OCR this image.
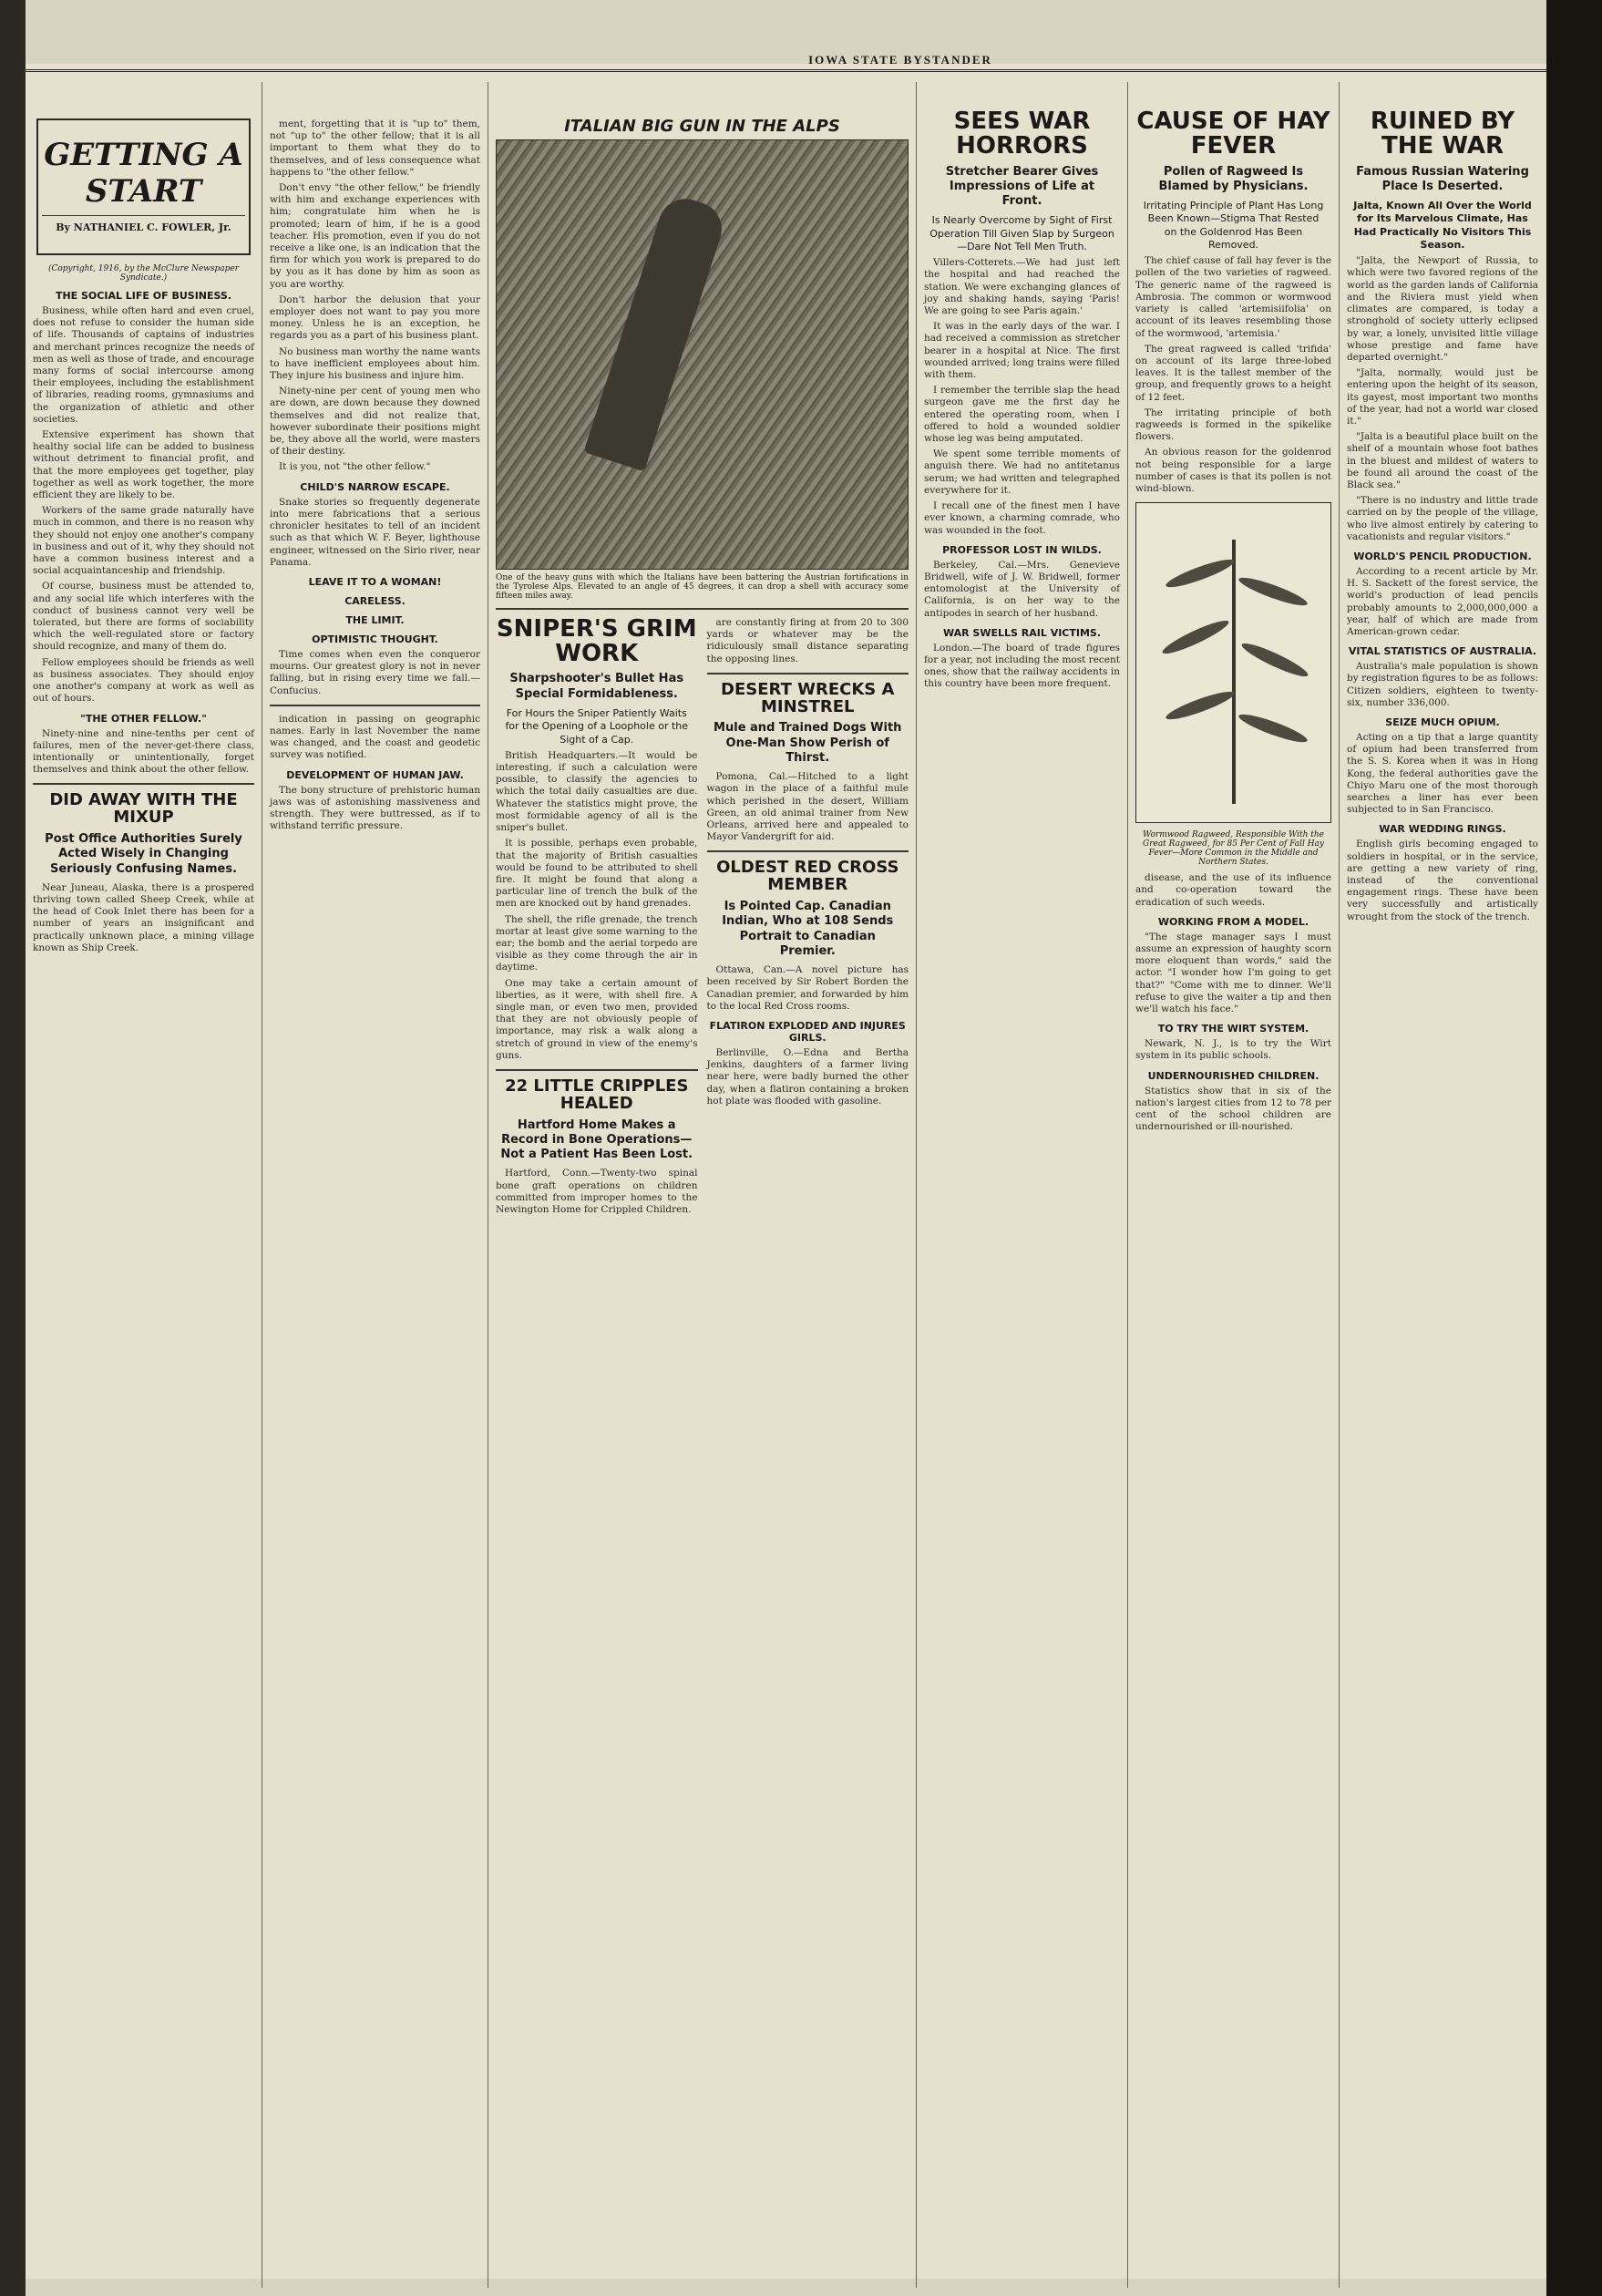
IOWA STATE BYSTANDER
GETTING A START
By NATHANIEL C. FOWLER, Jr.
(Copyright, 1916, by the McClure Newspaper Syndicate.)
THE SOCIAL LIFE OF BUSINESS.

Business, while often hard and even cruel, does not refuse to consider the human side of life. Thousands of captains of industries and merchant princes recognize the needs of men as well as those of trade, and encourage many forms of social intercourse among their employees, including the establishment of libraries, reading rooms, gymnasiums and the organization of athletic and other societies.

Extensive experiment has shown that healthy social life can be added to business without detriment to financial profit, and that the more employees get together, play together as well as work together, the more efficient they are likely to be.

Workers of the same grade naturally have much in common, and there is no reason why they should not enjoy one another's company in business and out of it, why they should not have a common business interest and a social acquaintanceship and friendship.

Of course, business must be attended to, and any social life which interferes with the conduct of business cannot very well be tolerated, but there are forms of sociability which the well-regulated store or factory should recognize, and many of them do.

Fellow employees should be friends as well as business associates. They should enjoy one another's company at work as well as out of hours.

"THE OTHER FELLOW."

Ninety-nine and nine-tenths per cent of failures, men of the never-get-there class, intentionally or unintentionally, forget themselves and think about the other fellow.

DID AWAY WITH THE MIXUP
Post Office Authorities Surely Acted Wisely in Changing Seriously Confusing Names.

Near Juneau, Alaska, there is a prospered thriving town called Sheep Creek, while at the head of Cook Inlet there has been for a number of years an insignificant and practically unknown place, a mining village known as Ship Creek.

ment, forgetting that it is "up to" them, not "up to" the other fellow; that it is all important to them what they do to themselves, and of less consequence what happens to "the other fellow."

Don't envy "the other fellow," be friendly with him and exchange experiences with him; congratulate him when he is promoted; learn of him, if he is a good teacher. His promotion, even if you do not receive a like one, is an indication that the firm for which you work is prepared to do by you as it has done by him as soon as you are worthy.

Don't harbor the delusion that your employer does not want to pay you more money. Unless he is an exception, he regards you as a part of his business plant.

No business man worthy the name wants to have inefficient employees about him. They injure his business and injure him.

Ninety-nine per cent of young men who are down, are down because they downed themselves and did not realize that, however subordinate their positions might be, they above all the world, were masters of their destiny.

It is you, not "the other fellow."

CHILD'S NARROW ESCAPE.

Snake stories so frequently degenerate into mere fabrications that a serious chronicler hesitates to tell of an incident such as that which W. F. Beyer, lighthouse engineer, witnessed on the Sirio river, near Panama.

LEAVE IT TO A WOMAN!
CARELESS.
THE LIMIT.
OPTIMISTIC THOUGHT.

Time comes when even the conqueror mourns. Our greatest glory is not in never falling, but in rising every time we fall.—Confucius.

indication in passing on geographic names. Early in last November the name was changed, and the coast and geodetic survey was notified.

DEVELOPMENT OF HUMAN JAW.

The bony structure of prehistoric human jaws was of astonishing massiveness and strength. They were buttressed, as if to withstand terrific pressure.

ITALIAN BIG GUN IN THE ALPS
One of the heavy guns with which the Italians have been battering the Austrian fortifications in the Tyrolese Alps. Elevated to an angle of 45 degrees, it can drop a shell with accuracy some fifteen miles away.
SNIPER'S GRIM WORK
Sharpshooter's Bullet Has Special Formidableness.
For Hours the Sniper Patiently Waits for the Opening of a Loophole or the Sight of a Cap.

British Headquarters.—It would be interesting, if such a calculation were possible, to classify the agencies to which the total daily casualties are due. Whatever the statistics might prove, the most formidable agency of all is the sniper's bullet.

It is possible, perhaps even probable, that the majority of British casualties would be found to be attributed to shell fire. It might be found that along a particular line of trench the bulk of the men are knocked out by hand grenades.

The shell, the rifle grenade, the trench mortar at least give some warning to the ear; the bomb and the aerial torpedo are visible as they come through the air in daytime.

One may take a certain amount of liberties, as it were, with shell fire. A single man, or even two men, provided that they are not obviously people of importance, may risk a walk along a stretch of ground in view of the enemy's guns.

22 LITTLE CRIPPLES HEALED
Hartford Home Makes a Record in Bone Operations—Not a Patient Has Been Lost.

Hartford, Conn.—Twenty-two spinal bone graft operations on children committed from improper homes to the Newington Home for Crippled Children.

are constantly firing at from 20 to 300 yards or whatever may be the ridiculously small distance separating the opposing lines.

DESERT WRECKS A MINSTREL
Mule and Trained Dogs With One-Man Show Perish of Thirst.

Pomona, Cal.—Hitched to a light wagon in the place of a faithful mule which perished in the desert, William Green, an old animal trainer from New Orleans, arrived here and appealed to Mayor Vandergrift for aid.

OLDEST RED CROSS MEMBER
Is Pointed Cap. Canadian Indian, Who at 108 Sends Portrait to Canadian Premier.

Ottawa, Can.—A novel picture has been received by Sir Robert Borden the Canadian premier, and forwarded by him to the local Red Cross rooms.

FLATIRON EXPLODED AND INJURES GIRLS.

Berlinville, O.—Edna and Bertha Jenkins, daughters of a farmer living near here, were badly burned the other day, when a flatiron containing a broken hot plate was flooded with gasoline.

SEES WAR HORRORS
Stretcher Bearer Gives Impressions of Life at Front.
Is Nearly Overcome by Sight of First Operation Till Given Slap by Surgeon—Dare Not Tell Men Truth.

Villers-Cotterets.—We had just left the hospital and had reached the station. We were exchanging glances of joy and shaking hands, saying 'Paris! We are going to see Paris again.'

It was in the early days of the war. I had received a commission as stretcher bearer in a hospital at Nice. The first wounded arrived; long trains were filled with them.

I remember the terrible slap the head surgeon gave me the first day he entered the operating room, when I offered to hold a wounded soldier whose leg was being amputated.

We spent some terrible moments of anguish there. We had no antitetanus serum; we had written and telegraphed everywhere for it.

I recall one of the finest men I have ever known, a charming comrade, who was wounded in the foot.

PROFESSOR LOST IN WILDS.

Berkeley, Cal.—Mrs. Genevieve Bridwell, wife of J. W. Bridwell, former entomologist at the University of California, is on her way to the antipodes in search of her husband.

WAR SWELLS RAIL VICTIMS.

London.—The board of trade figures for a year, not including the most recent ones, show that the railway accidents in this country have been more frequent.

CAUSE OF HAY FEVER
Pollen of Ragweed Is Blamed by Physicians.
Irritating Principle of Plant Has Long Been Known—Stigma That Rested on the Goldenrod Has Been Removed.

The chief cause of fall hay fever is the pollen of the two varieties of ragweed. The generic name of the ragweed is Ambrosia. The common or wormwood variety is called 'artemisiifolia' on account of its leaves resembling those of the wormwood, 'artemisia.'

The great ragweed is called 'trifida' on account of its large three-lobed leaves. It is the tallest member of the group, and frequently grows to a height of 12 feet.

The irritating principle of both ragweeds is formed in the spikelike flowers.

An obvious reason for the goldenrod not being responsible for a large number of cases is that its pollen is not wind-blown.

Wormwood Ragweed, Responsible With the Great Ragweed, for 85 Per Cent of Fall Hay Fever—More Common in the Middle and Northern States.

disease, and the use of its influence and co-operation toward the eradication of such weeds.

WORKING FROM A MODEL.

"The stage manager says I must assume an expression of haughty scorn more eloquent than words," said the actor. "I wonder how I'm going to get that?" "Come with me to dinner. We'll refuse to give the waiter a tip and then we'll watch his face."

TO TRY THE WIRT SYSTEM.

Newark, N. J., is to try the Wirt system in its public schools.

UNDERNOURISHED CHILDREN.

Statistics show that in six of the nation's largest cities from 12 to 78 per cent of the school children are undernourished or ill-nourished.

RUINED BY THE WAR
Famous Russian Watering Place Is Deserted.
Jalta, Known All Over the World for Its Marvelous Climate, Has Had Practically No Visitors This Season.

"Jalta, the Newport of Russia, to which were two favored regions of the world as the garden lands of California and the Riviera must yield when climates are compared, is today a stronghold of society utterly eclipsed by war, a lonely, unvisited little village whose prestige and fame have departed overnight."

"Jalta, normally, would just be entering upon the height of its season, its gayest, most important two months of the year, had not a world war closed it."

"Jalta is a beautiful place built on the shelf of a mountain whose foot bathes in the bluest and mildest of waters to be found all around the coast of the Black sea."

"There is no industry and little trade carried on by the people of the village, who live almost entirely by catering to vacationists and regular visitors."

WORLD'S PENCIL PRODUCTION.

According to a recent article by Mr. H. S. Sackett of the forest service, the world's production of lead pencils probably amounts to 2,000,000,000 a year, half of which are made from American-grown cedar.

VITAL STATISTICS OF AUSTRALIA.

Australia's male population is shown by registration figures to be as follows: Citizen soldiers, eighteen to twenty-six, number 336,000.

SEIZE MUCH OPIUM.

Acting on a tip that a large quantity of opium had been transferred from the S. S. Korea when it was in Hong Kong, the federal authorities gave the Chiyo Maru one of the most thorough searches a liner has ever been subjected to in San Francisco.

WAR WEDDING RINGS.

English girls becoming engaged to soldiers in hospital, or in the service, are getting a new variety of ring, instead of the conventional engagement rings. These have been very successfully and artistically wrought from the stock of the trench.
